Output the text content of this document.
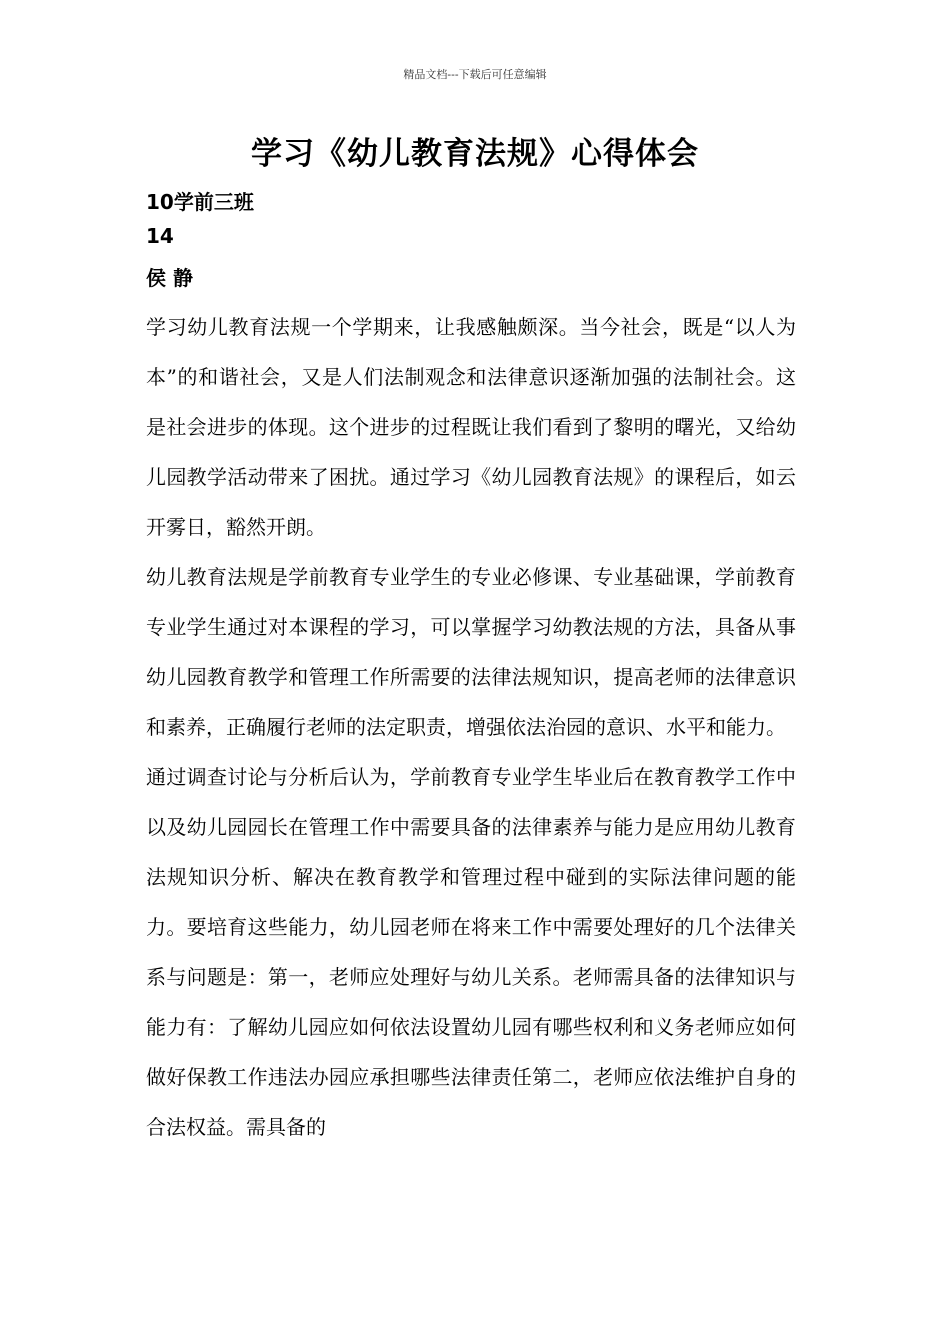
精品文档---下载后可任意编辑
学习《幼儿教育法规》心得体会
10学前三班
14
侯 静

学习幼儿教育法规一个学期来，让我感触颇深。当今社会，既是“以人为本”的和谐社会，又是人们法制观念和法律意识逐渐加强的法制社会。这是社会进步的体现。这个进步的过程既让我们看到了黎明的曙光，又给幼儿园教学活动带来了困扰。通过学习《幼儿园教育法规》的课程后，如云开雾日，豁然开朗。

幼儿教育法规是学前教育专业学生的专业必修课、专业基础课，学前教育专业学生通过对本课程的学习，可以掌握学习幼教法规的方法，具备从事幼儿园教育教学和管理工作所需要的法律法规知识，提高老师的法律意识和素养，正确履行老师的法定职责，增强依法治园的意识、水平和能力。

通过调查讨论与分析后认为，学前教育专业学生毕业后在教育教学工作中以及幼儿园园长在管理工作中需要具备的法律素养与能力是应用幼儿教育法规知识分析、解决在教育教学和管理过程中碰到的实际法律问题的能力。要培育这些能力，幼儿园老师在将来工作中需要处理好的几个法律关系与问题是：第一，老师应处理好与幼儿关系。老师需具备的法律知识与能力有：了解幼儿园应如何依法设置幼儿园有哪些权利和义务老师应如何做好保教工作违法办园应承担哪些法律责任第二，老师应依法维护自身的合法权益。需具备的
